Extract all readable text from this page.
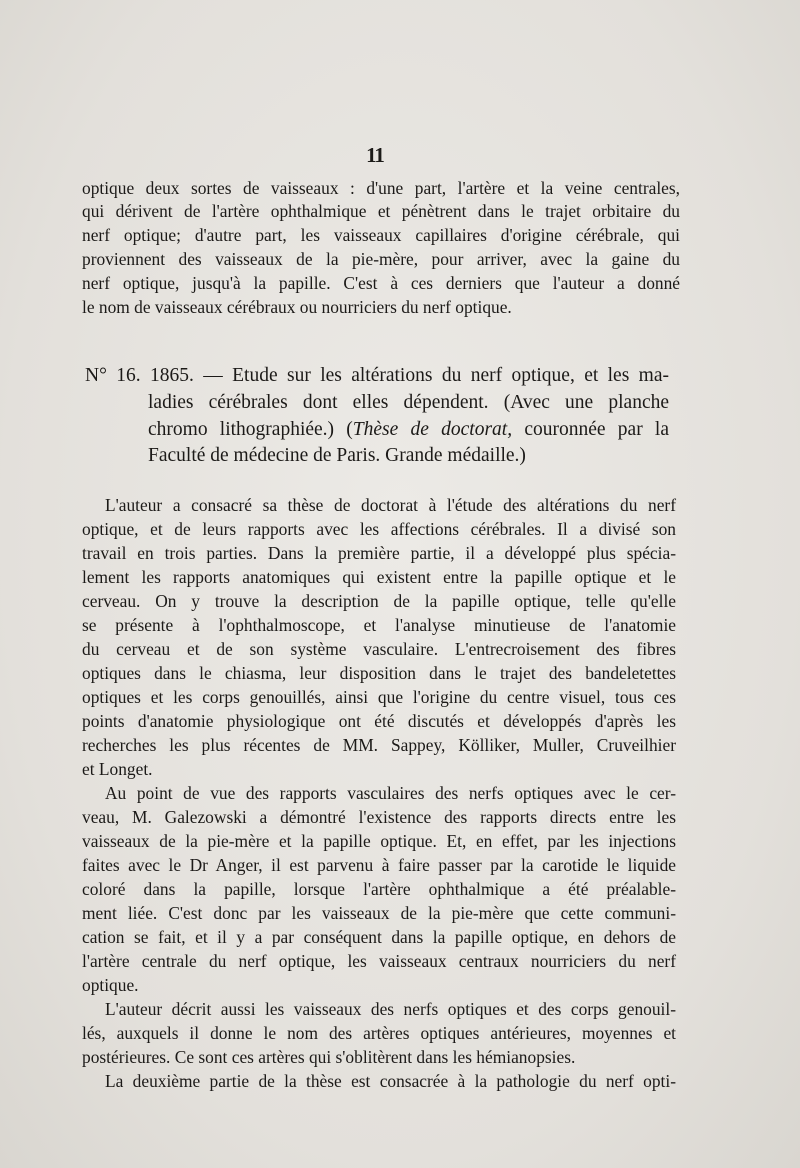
11
optique deux sortes de vaisseaux : d'une part, l'artère et la veine centrales,
qui dérivent de l'artère ophthalmique et pénètrent dans le trajet orbitaire du
nerf optique; d'autre part, les vaisseaux capillaires d'origine cérébrale, qui
proviennent des vaisseaux de la pie-mère, pour arriver, avec la gaine du
nerf optique, jusqu'à la papille. C'est à ces derniers que l'auteur a donné
le nom de vaisseaux cérébraux ou nourriciers du nerf optique.
N° 16. 1865. — Etude sur les altérations du nerf optique, et les ma-
ladies cérébrales dont elles dépendent. (Avec une planche
chromo lithographiée.) (Thèse de doctorat, couronnée par la
Faculté de médecine de Paris. Grande médaille.)
L'auteur a consacré sa thèse de doctorat à l'étude des altérations du nerf
optique, et de leurs rapports avec les affections cérébrales. Il a divisé son
travail en trois parties. Dans la première partie, il a développé plus spécia-
lement les rapports anatomiques qui existent entre la papille optique et le
cerveau. On y trouve la description de la papille optique, telle qu'elle
se présente à l'ophthalmoscope, et l'analyse minutieuse de l'anatomie
du cerveau et de son système vasculaire. L'entrecroisement des fibres
optiques dans le chiasma, leur disposition dans le trajet des bandeletettes
optiques et les corps genouillés, ainsi que l'origine du centre visuel, tous ces
points d'anatomie physiologique ont été discutés et développés d'après les
recherches les plus récentes de MM. Sappey, Kölliker, Muller, Cruveilhier
et Longet.
Au point de vue des rapports vasculaires des nerfs optiques avec le cer-
veau, M. Galezowski a démontré l'existence des rapports directs entre les
vaisseaux de la pie-mère et la papille optique. Et, en effet, par les injections
faites avec le Dr Anger, il est parvenu à faire passer par la carotide le liquide
coloré dans la papille, lorsque l'artère ophthalmique a été préalable-
ment liée. C'est donc par les vaisseaux de la pie-mère que cette communi-
cation se fait, et il y a par conséquent dans la papille optique, en dehors de
l'artère centrale du nerf optique, les vaisseaux centraux nourriciers du nerf
optique.
L'auteur décrit aussi les vaisseaux des nerfs optiques et des corps genouil-
lés, auxquels il donne le nom des artères optiques antérieures, moyennes et
postérieures. Ce sont ces artères qui s'oblitèrent dans les hémianopsies.
La deuxième partie de la thèse est consacrée à la pathologie du nerf opti-
